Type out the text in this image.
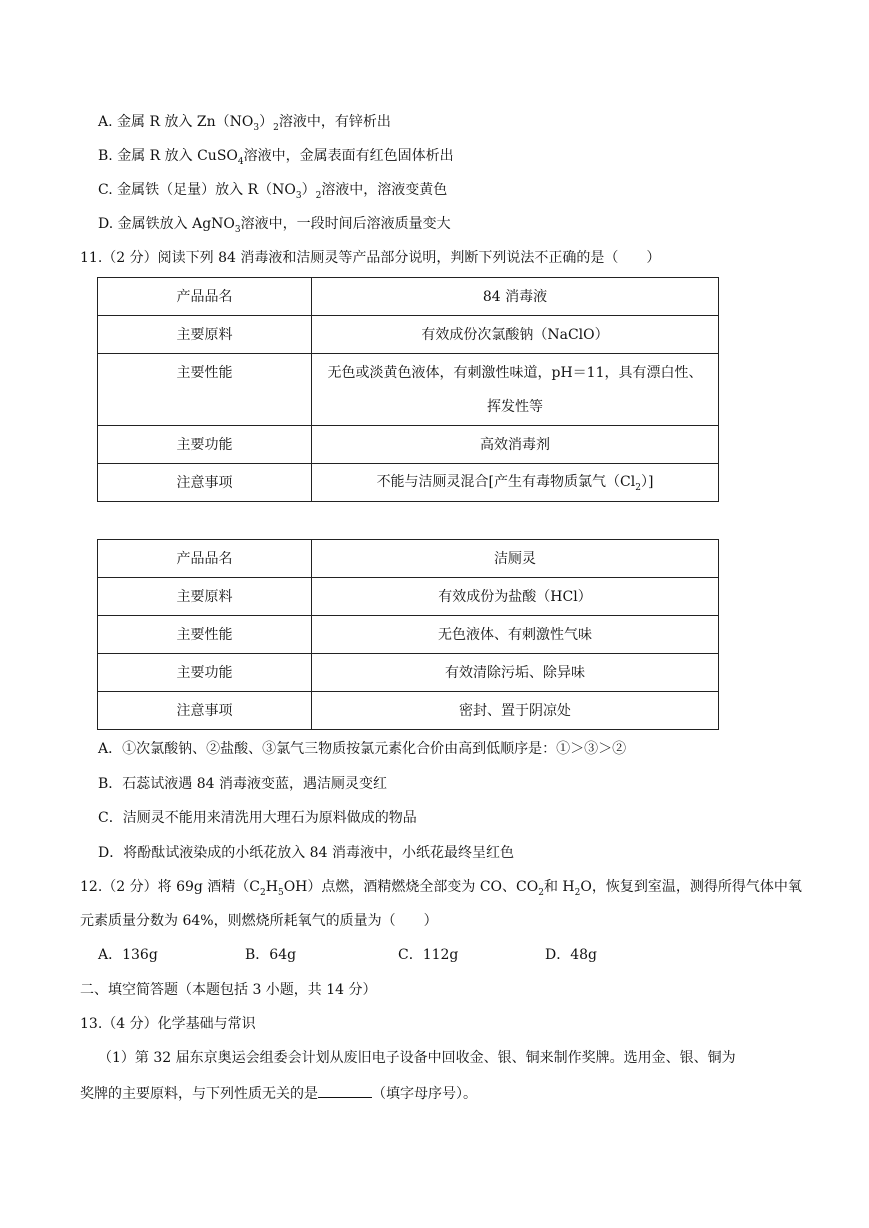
A. 金属 R 放入 $Zn(NO_3)_2$溶液中，有锌析出
B. 金属 R 放入 CuSO$_4$溶液中，金属表面有红色固体析出
C. 金属铁（足量）放入 $R(NO_3)_2$溶液中，溶液变黄色
D. 金属铁放入 AgNO$_3$溶液中，一段时间后溶液质量变大
11.（2 分）阅读下列 84 消毒液和洁厕灵等产品部分说明，判断下列说法不正确的是（　　）
产品品名	84 消毒液
主要原料	有效成份次氯酸钠（NaClO）
主要性能	无色或淡黄色液体，有刺激性味道，pH＝11，具有漂白性、
挥发性等
主要功能	高效消毒剂
注意事项	不能与洁厕灵混合[产生有毒物质氯气$(Cl_2)$]
产品品名	洁厕灵
主要原料	有效成份为盐酸（HCl）
主要性能	无色液体、有刺激性气味
主要功能	有效清除污垢、除异味
注意事项	密封、置于阴凉处
A．①次氯酸钠、②盐酸、③氯气三物质按氯元素化合价由高到低顺序是：①＞③＞②
B．石蕊试液遇 84 消毒液变蓝，遇洁厕灵变红
C．洁厕灵不能用来清洗用大理石为原料做成的物品
D．将酚酞试液染成的小纸花放入 84 消毒液中，小纸花最终呈红色
12.（2 分）将 69g 酒精$(C_2H_5OH)$点燃，酒精燃烧全部变为 CO、$CO_2$和 $H_2O$，恢复到室温，测得所得气体中氧
元素质量分数为 64%，则燃烧所耗氧气的质量为（　　）
A．136g	B．64g	C．112g	D．48g
二、填空简答题（本题包括 3 小题，共 14 分）
13.（4 分）化学基础与常识
（1）第 32 届东京奥运会组委会计划从废旧电子设备中回收金、银、铜来制作奖牌。选用金、银、铜为
奖牌的主要原料，与下列性质无关的是	（填字母序号）。
